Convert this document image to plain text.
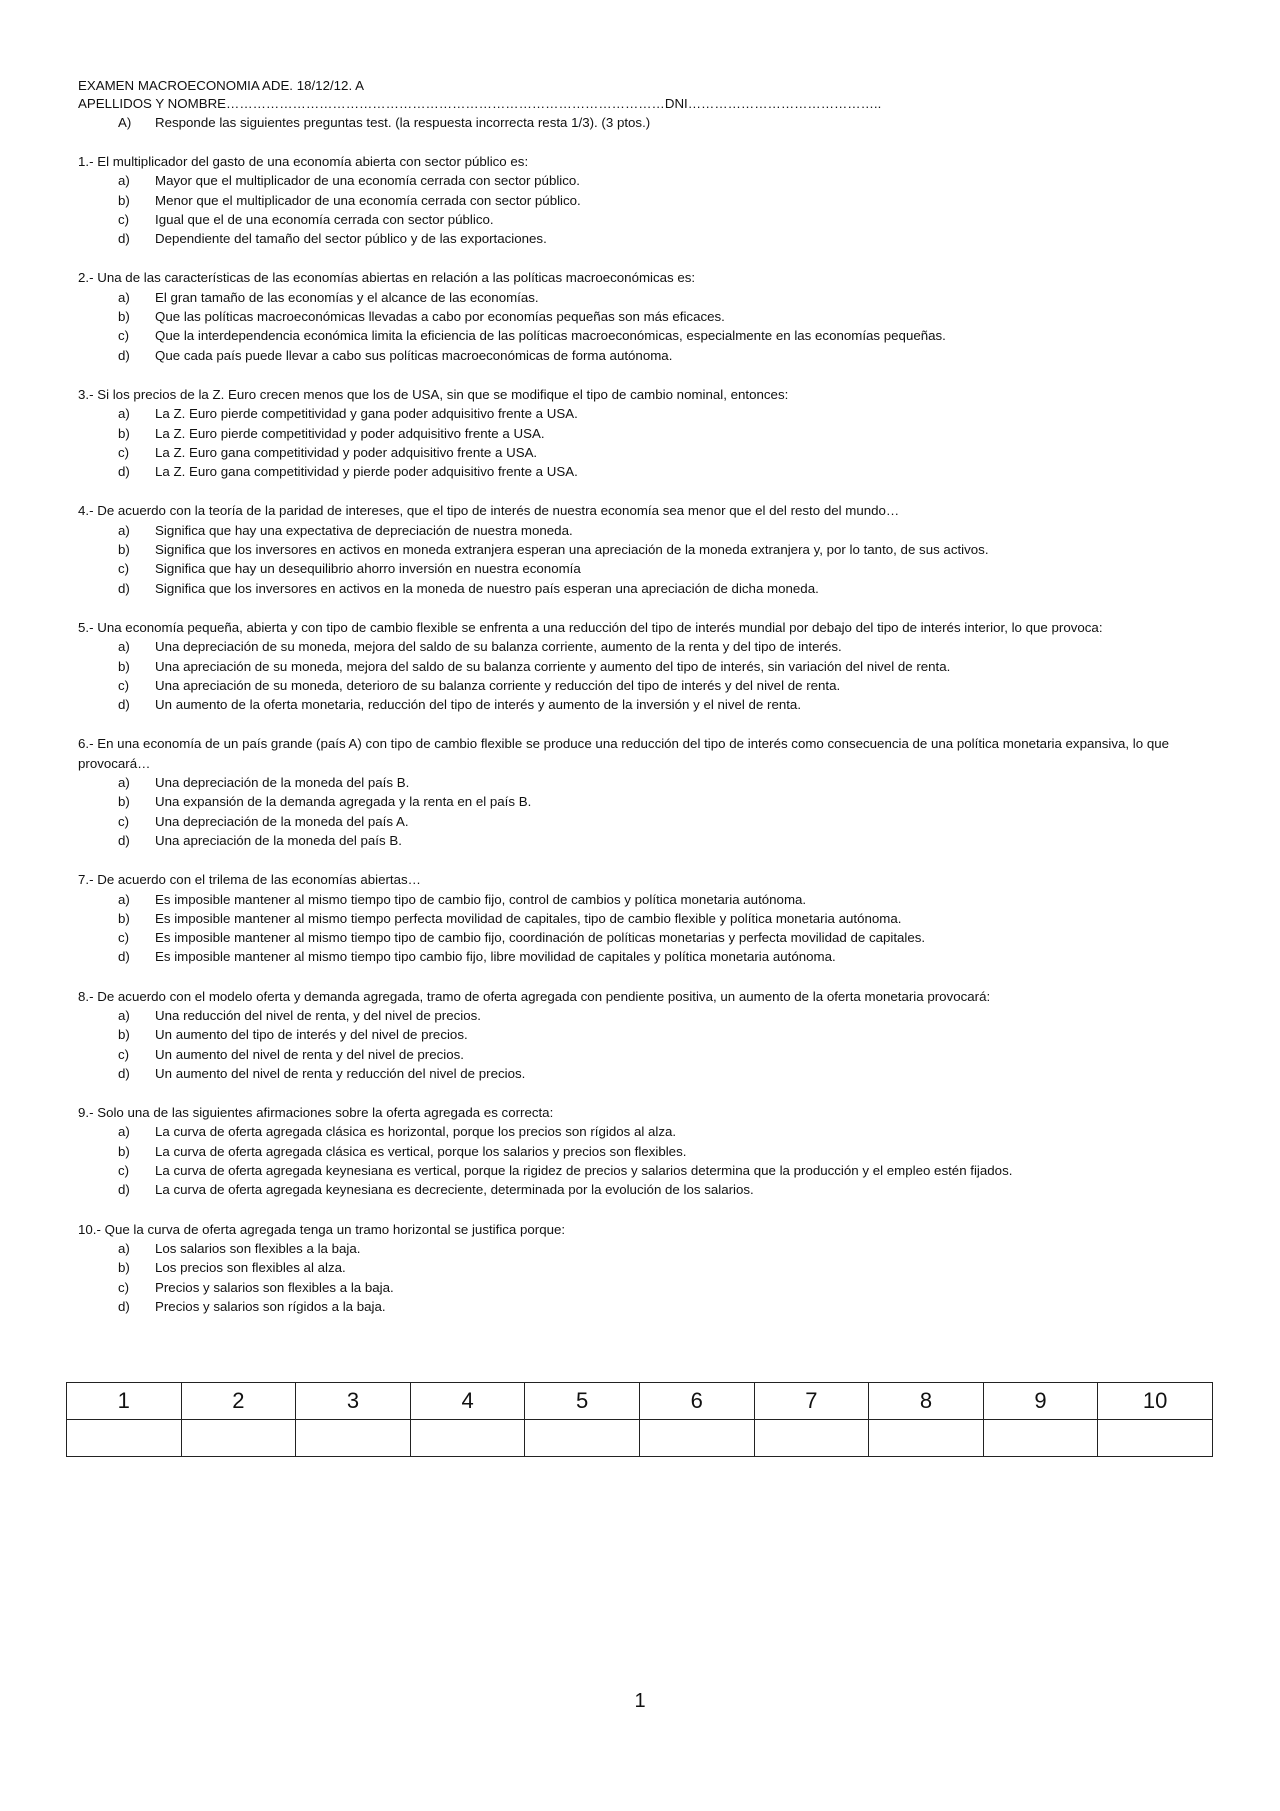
EXAMEN MACROECONOMIA ADE. 18/12/12. A
APELLIDOS Y NOMBRE………………………………………………………………………………………DNI……………………………………..
A)	Responde las siguientes preguntas test. (la respuesta incorrecta resta 1/3). (3 ptos.)
1.- El multiplicador del gasto de una economía abierta con sector público es:
a)	Mayor que el multiplicador de una economía cerrada con sector público.
b)	Menor que el multiplicador de una economía cerrada con sector público.
c)	Igual que el de una economía cerrada con sector público.
d)	Dependiente del tamaño del sector público y de las exportaciones.
2.- Una de las características de las economías abiertas en relación a las políticas macroeconómicas es:
a)	El gran tamaño de las economías y el alcance de las economías.
b)	Que las políticas macroeconómicas llevadas a cabo por economías pequeñas son más eficaces.
c)	Que la interdependencia económica limita la eficiencia de las políticas macroeconómicas, especialmente en las economías pequeñas.
d)	Que cada país puede llevar a cabo sus políticas macroeconómicas de forma autónoma.
3.- Si los precios de la Z. Euro crecen menos que los de USA, sin que se modifique el tipo de cambio nominal, entonces:
a)	La Z. Euro pierde competitividad y gana poder adquisitivo frente a USA.
b)	La Z. Euro pierde competitividad y poder adquisitivo frente a USA.
c)	La Z. Euro gana competitividad y poder adquisitivo frente a USA.
d)	La Z. Euro gana competitividad y pierde poder adquisitivo frente a USA.
4.- De acuerdo con la teoría de la paridad de intereses, que el tipo de interés de nuestra economía sea menor que el del resto del mundo…
a)	Significa que hay una expectativa de depreciación de nuestra moneda.
b)	Significa que los inversores en activos en moneda extranjera esperan una apreciación de la moneda extranjera y, por lo tanto, de sus activos.
c)	Significa que hay un desequilibrio ahorro inversión en nuestra economía
d)	Significa que los inversores en activos en la moneda de nuestro país esperan una apreciación de dicha moneda.
5.- Una economía pequeña, abierta y con tipo de cambio flexible se enfrenta a una reducción del tipo de interés mundial por debajo del tipo de interés interior, lo que provoca:
a)	Una depreciación de su moneda, mejora del saldo de su balanza corriente, aumento de la renta y del tipo de interés.
b)	Una apreciación de su moneda, mejora del saldo de su balanza corriente y aumento del tipo de interés, sin variación del nivel de renta.
c)	Una apreciación de su moneda, deterioro de su balanza corriente y reducción del tipo de interés y del nivel de renta.
d)	Un aumento de la oferta monetaria, reducción del tipo de interés y aumento de la inversión y el nivel de renta.
6.- En una economía de un país grande (país A) con tipo de cambio flexible se produce una reducción del tipo de interés como consecuencia de una política monetaria expansiva, lo que provocará…
a)	Una depreciación de la moneda del país B.
b)	Una expansión de la demanda agregada y la renta en el país B.
c)	Una depreciación de la moneda del país A.
d)	Una apreciación de la moneda del país B.
7.- De acuerdo con el trilema de las economías abiertas…
a)	Es imposible mantener al mismo tiempo tipo de cambio fijo, control de cambios y política monetaria autónoma.
b)	Es imposible mantener al mismo tiempo perfecta movilidad de capitales, tipo de cambio flexible y política monetaria autónoma.
c)	Es imposible mantener al mismo tiempo tipo de cambio fijo, coordinación de políticas monetarias y perfecta movilidad de capitales.
d)	Es imposible mantener al mismo tiempo tipo cambio fijo, libre movilidad de capitales y política monetaria autónoma.
8.- De acuerdo con el modelo oferta y demanda agregada, tramo de oferta agregada con pendiente positiva, un aumento de la oferta monetaria provocará:
a)	Una reducción del nivel de renta, y del nivel de precios.
b)	Un aumento del tipo de interés y del nivel de precios.
c)	Un aumento del nivel de renta y del nivel de precios.
d)	Un aumento del nivel de renta y reducción del nivel de precios.
9.- Solo una de las siguientes afirmaciones sobre la oferta agregada es correcta:
a)	La curva de oferta agregada clásica es horizontal, porque los precios son rígidos al alza.
b)	La curva de oferta agregada clásica es vertical, porque los salarios y precios son flexibles.
c)	La curva de oferta agregada keynesiana es vertical, porque la rigidez de precios y salarios determina que la producción y el empleo estén fijados.
d)	La curva de oferta agregada keynesiana es decreciente, determinada por la evolución de los salarios.
10.- Que la curva de oferta agregada tenga un tramo horizontal se justifica porque:
a)	Los salarios son flexibles a la baja.
b)	Los precios son flexibles al alza.
c)	Precios y salarios son flexibles a la baja.
d)	Precios y salarios son rígidos a la baja.
1	2	3	4	5	6	7	8	9	10

1
